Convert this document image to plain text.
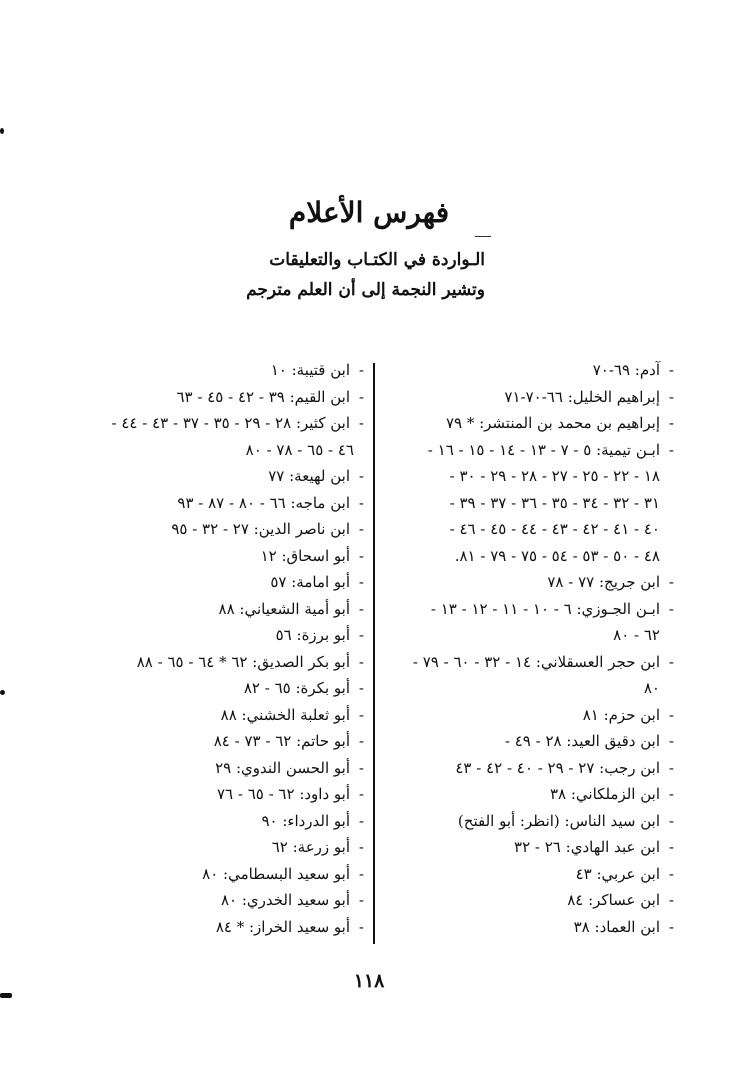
فهرس الأعلام
الـواردة في الكتـاب والتعليقات
وتشير النجمة إلى أن العلم مترجم
-آدم: ٦٩-٧٠
-إبراهيم الخليل: ٦٦-٧٠-٧١
-إبراهيم بن محمد بن المنتشر: * ٧٩
-ابـن تيمية: ٥ - ٧ - ١٣ - ١٤ - ١٥ - ١٦ -
١٨ - ٢٢ - ٢٥ - ٢٧ - ٢٨ - ٢٩ - ٣٠ -
٣١ - ٣٢ - ٣٤ - ٣٥ - ٣٦ - ٣٧ - ٣٩ -
٤٠ - ٤١ - ٤٢ - ٤٣ - ٤٤ - ٤٥ - ٤٦ -
٤٨ - ٥٠ - ٥٣ - ٥٤ - ٧٥ - ٧٩ - ٨١.
-ابن جريج: ٧٧ - ٧٨
-ابـن الجـوزي: ٦ - ١٠ - ١١ - ١٢ - ١٣ -
٦٢ - ٨٠
-ابن حجر العسقلاني: ١٤ - ٣٢ - ٦٠ - ٧٩ -
٨٠
-ابن حزم: ٨١
-ابن دقيق العيد: ٢٨ - ٤٩ -
-ابن رجب: ٢٧ - ٢٩ - ٤٠ - ٤٢ - ٤٣
-ابن الزملكاني: ٣٨
-ابن سيد الناس: (انظر: أبو الفتح)
-ابن عبد الهادي: ٢٦ - ٣٢
-ابن عربي: ٤٣
-ابن عساكر: ٨٤
-ابن العماد: ٣٨
-ابن قتيبة: ١٠
-ابن القيم: ٣٩ - ٤٢ - ٤٥ - ٦٣
-ابن كثير: ٢٨ - ٢٩ - ٣٥ - ٣٧ - ٤٣ - ٤٤ -
٤٦ - ٦٥ - ٧٨ - ٨٠
-ابن لهيعة: ٧٧
-ابن ماجه: ٦٦ - ٨٠ - ٨٧ - ٩٣
-ابن ناصر الدين: ٢٧ - ٣٢ - ٩٥
-أبو اسحاق: ١٢
-أبو امامة: ٥٧
-أبو أمية الشعياني: ٨٨
-أبو برزة: ٥٦
-أبو بكر الصديق: ٦٢ * ٦٤ - ٦٥ - ٨٨
-أبو بكرة: ٦٥ - ٨٢
-أبو ثعلبة الخشني: ٨٨
-أبو حاتم: ٦٢ - ٧٣ - ٨٤
-أبو الحسن الندوي: ٢٩
-أبو داود: ٦٢ - ٦٥ - ٧٦
-أبو الدرداء: ٩٠
-أبو زرعة: ٦٢
-أبو سعيد البسطامي: ٨٠
-أبو سعيد الخدري: ٨٠
-أبو سعيد الخراز: * ٨٤
١١٨
